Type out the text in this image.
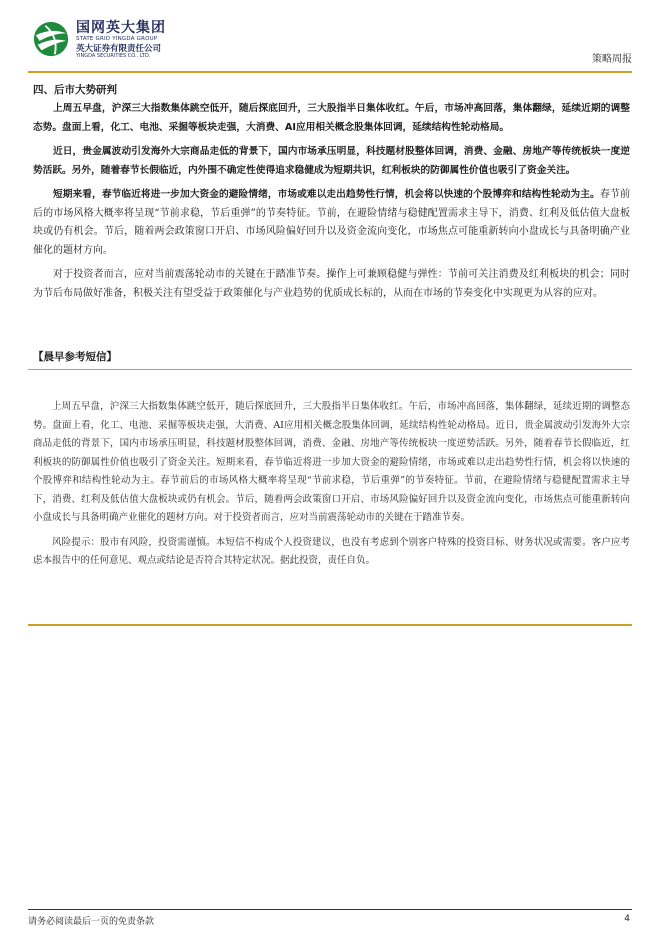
国网英大集团
STATE GRID YINGDA GROUP
英大证券有限责任公司
YINGDA SECURITIES CO., LTD.	策略周报
四、后市大势研判

上周五早盘，沪深三大指数集体跳空低开，随后探底回升，三大股指半日集体收红。午后，市场冲高回落，集体翻绿，延续近期的调整态势。盘面上看，化工、电池、采掘等板块走强，大消费、AI应用相关概念股集体回调，延续结构性轮动格局。

近日，贵金属波动引发海外大宗商品走低的背景下，国内市场承压明显，科技题材股整体回调，消费、金融、房地产等传统板块一度逆势活跃。另外，随着春节长假临近，内外围不确定性使得追求稳健成为短期共识，红利板块的防御属性价值也吸引了资金关注。

短期来看，春节临近将进一步加大资金的避险情绪，市场或难以走出趋势性行情，机会将以快速的个股博弈和结构性轮动为主。春节前后的市场风格大概率将呈现“节前求稳，节后重弹”的节奏特征。节前，在避险情绪与稳健配置需求主导下，消费、红利及低估值大盘板块或仍有机会。节后，随着两会政策窗口开启、市场风险偏好回升以及资金流向变化，市场焦点可能重新转向小盘成长与具备明确产业催化的题材方向。

对于投资者而言，应对当前震荡轮动市的关键在于踏准节奏。操作上可兼顾稳健与弹性：节前可关注消费及红利板块的机会；同时为节后布局做好准备，积极关注有望受益于政策催化与产业趋势的优质成长标的，从而在市场的节奏变化中实现更为从容的应对。

【晨早参考短信】

上周五早盘，沪深三大指数集体跳空低开，随后探底回升，三大股指半日集体收红。午后，市场冲高回落，集体翻绿，延续近期的调整态势。盘面上看，化工、电池、采掘等板块走强，大消费、AI应用相关概念股集体回调，延续结构性轮动格局。近日，贵金属波动引发海外大宗商品走低的背景下，国内市场承压明显，科技题材股整体回调，消费、金融、房地产等传统板块一度逆势活跃。另外，随着春节长假临近，红利板块的防御属性价值也吸引了资金关注。短期来看，春节临近将进一步加大资金的避险情绪，市场或难以走出趋势性行情，机会将以快速的个股博弈和结构性轮动为主。春节前后的市场风格大概率将呈现“节前求稳，节后重弹”的节奏特征。节前，在避险情绪与稳健配置需求主导下，消费、红利及低估值大盘板块或仍有机会。节后，随着两会政策窗口开启、市场风险偏好回升以及资金流向变化，市场焦点可能重新转向小盘成长与具备明确产业催化的题材方向。对于投资者而言，应对当前震荡轮动市的关键在于踏准节奏。

风险提示：股市有风险，投资需谨慎。本短信不构成个人投资建议，也没有考虑到个别客户特殊的投资目标、财务状况或需要。客户应考虑本报告中的任何意见、观点或结论是否符合其特定状况。据此投资，责任自负。

请务必阅读最后一页的免责条款	4
